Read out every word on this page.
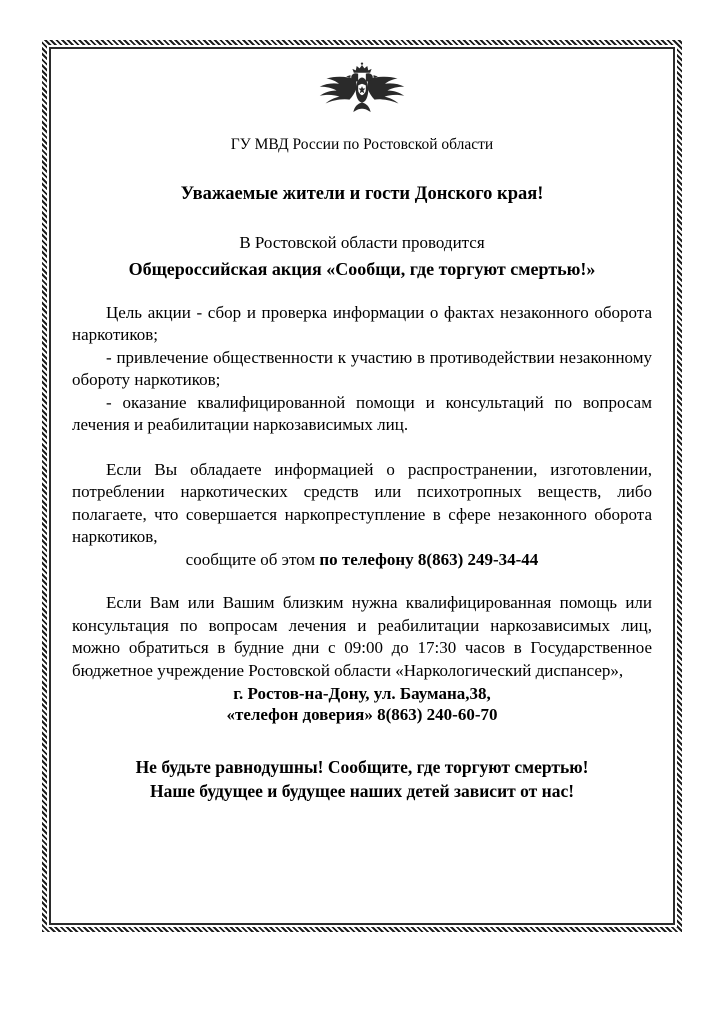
ГУ МВД России по Ростовской области
Уважаемые жители и гости Донского края!
В Ростовской области проводится
Общероссийская акция «Сообщи, где торгуют смертью!»
Цель акции - сбор и проверка информации о фактах незаконного оборота наркотиков;
- привлечение общественности к участию в противодействии незаконному обороту наркотиков;
- оказание квалифицированной помощи и консультаций по вопросам лечения и реабилитации наркозависимых лиц.
Если Вы обладаете информацией о распространении, изготовлении, потреблении наркотических средств или психотропных веществ, либо полагаете, что совершается наркопреступление в сфере незаконного оборота наркотиков,
сообщите об этом по телефону 8(863) 249-34-44
Если Вам или Вашим близким нужна квалифицированная помощь или консультация по вопросам лечения и реабилитации наркозависимых лиц, можно обратиться в будние дни с 09:00 до 17:30 часов в Государственное бюджетное учреждение Ростовской области «Наркологический диспансер»,
г. Ростов-на-Дону, ул. Баумана,38,
«телефон доверия» 8(863) 240-60-70
Не будьте равнодушны! Сообщите, где торгуют смертью!
Наше будущее и будущее наших детей зависит от нас!
